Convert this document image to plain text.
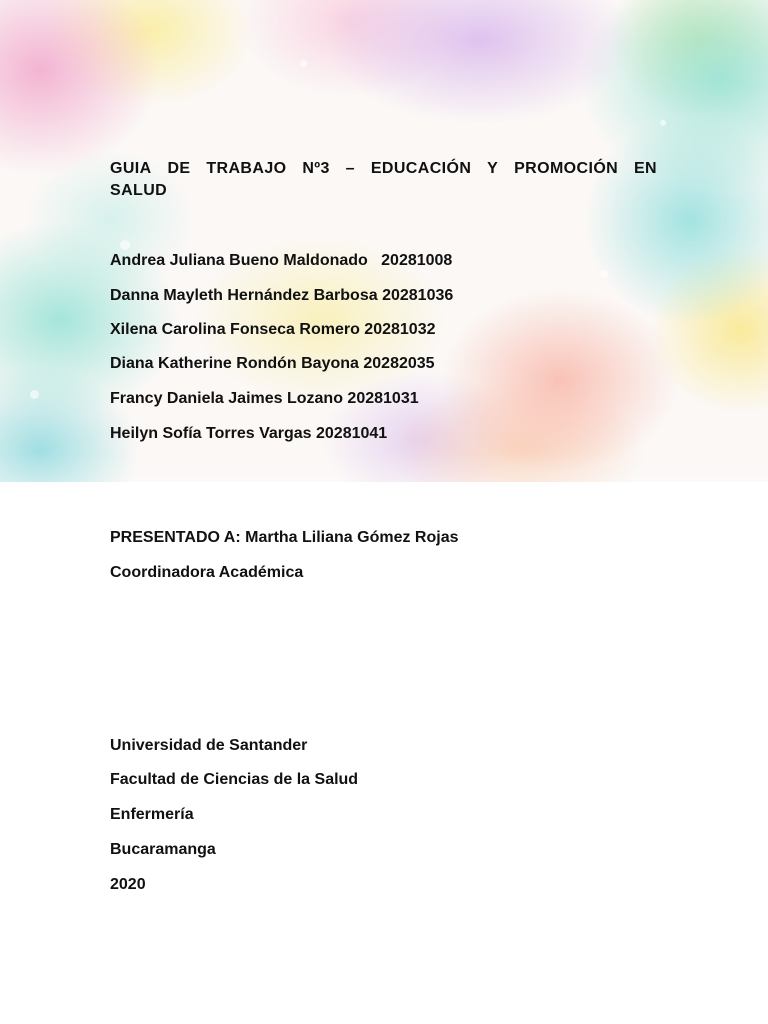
GUIA DE TRABAJO Nº3 – EDUCACIÓN Y PROMOCIÓN EN
SALUD
Andrea Juliana Bueno Maldonado   20281008
Danna Mayleth Hernández Barbosa 20281036
Xilena Carolina Fonseca Romero 20281032
Diana Katherine Rondón Bayona 20282035
Francy Daniela Jaimes Lozano 20281031
Heilyn Sofía Torres Vargas 20281041
PRESENTADO A: Martha Liliana Gómez Rojas
Coordinadora Académica
Universidad de Santander
Facultad de Ciencias de la Salud
Enfermería
Bucaramanga
2020
